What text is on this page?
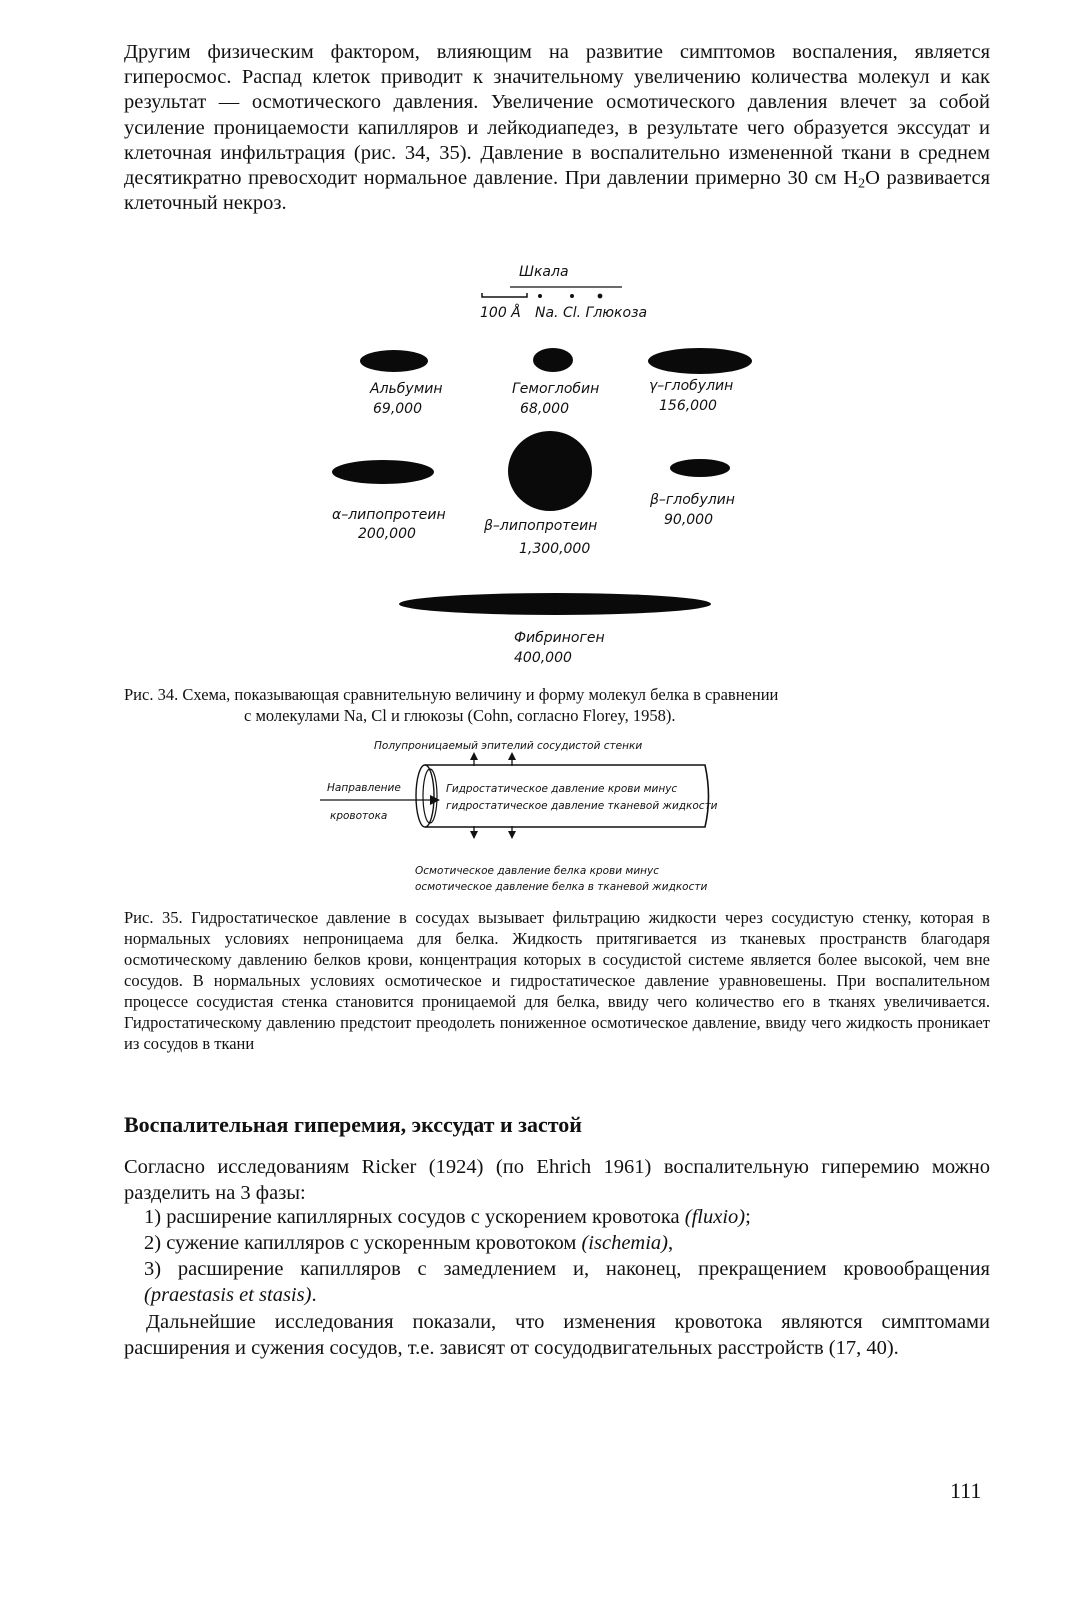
Другим физическим фактором, влияющим на развитие симптомов воспаления, является гиперосмос. Распад клеток приводит к значительному увеличению количества молекул и как результат — осмотического давления. Увеличение осмотического давления влечет за собой усиление проницаемости капилляров и лейкодиапедез, в результате чего образуется экссудат и клеточная инфильтрация (рис. 34, 35). Давление в воспалительно измененной ткани в среднем десятикратно превосходит нормальное давление. При давлении примерно 30 см $H_2O$ развивается клеточный некроз.
Шкала
100 Å Na. Cl. Глюкоза
Альбумин
69,000
Гемоглобин
68,000
γ–глобулин
156,000
α–липопротеин
200,000	β–липопротеин
1,300,000
β–глобулин
90,000
Фибриноген
400,000
Рис. 34. Схема, показывающая сравнительную величину и форму молекул белка в сравнении
с молекулами Na, Cl и глюкозы (Cohn, согласно Florey, 1958).
Полупроницаемый эпителий сосудистой стенки
Направление
кровотока
Гидростатическое давление крови минус
гидростатическое давление тканевой жидкости
Осмотическое давление белка крови минус
осмотическое давление белка в тканевой жидкости
Рис. 35. Гидростатическое давление в сосудах вызывает фильтрацию жидкости через сосудистую стенку, которая в нормальных условиях непроницаема для белка. Жидкость притягивается из тканевых пространств благодаря осмотическому давлению белков крови, концентрация которых в сосудистой системе является более высокой, чем вне сосудов. В нормальных условиях осмотическое и гидростатическое давление уравновешены. При воспалительном процессе сосудистая стенка становится проницаемой для белка, ввиду чего количество его в тканях увеличивается. Гидростатическому давлению предстоит преодолеть пониженное осмотическое давление, ввиду чего жидкость проникает из сосудов в ткани
Воспалительная гиперемия, экссудат и застой
Согласно исследованиям Ricker (1924) (по Ehrich 1961) воспалительную гиперемию можно разделить на 3 фазы:
1) расширение капиллярных сосудов с ускорением кровотока (fluxio);
2) сужение капилляров с ускоренным кровотоком (ischemia),
3) расширение капилляров с замедлением и, наконец, прекращением кровообращения (praestasis et stasis).
Дальнейшие исследования показали, что изменения кровотока являются симптомами расширения и сужения сосудов, т.е. зависят от сосудодвигательных расстройств (17, 40).
111
